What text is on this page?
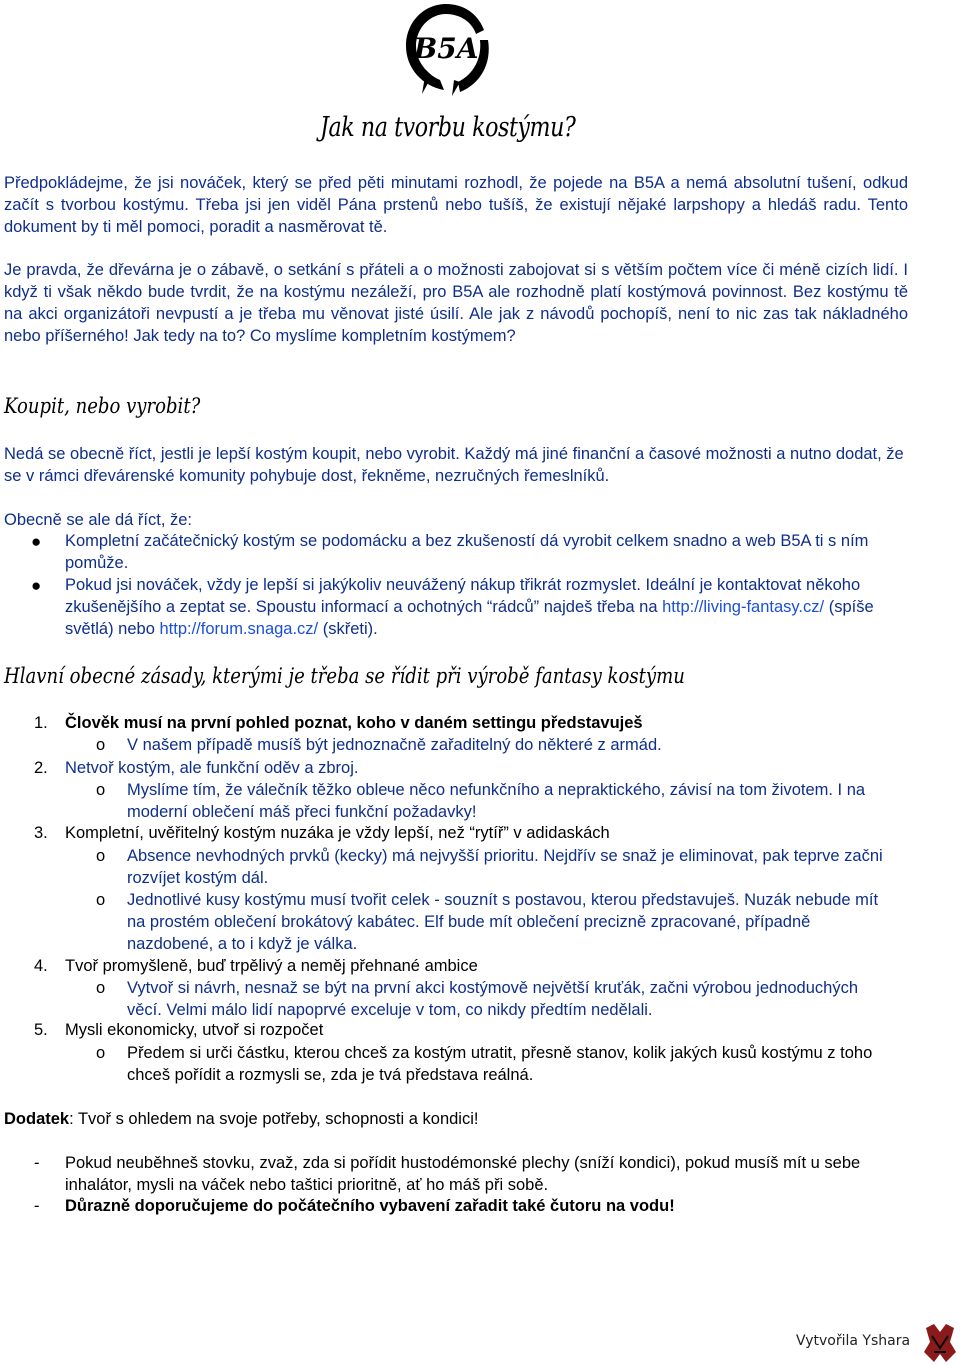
B5A
Jak na tvorbu kostýmu?

Předpokládejme, že jsi nováček, který se před pěti minutami rozhodl, že pojede na B5A a nemá absolutní tušení, odkud začít s tvorbou kostýmu. Třeba jsi jen viděl Pána prstenů nebo tušíš, že existují nějaké larpshopy a hledáš radu. Tento dokument by ti měl pomoci, poradit a nasměrovat tě.

Je pravda, že dřevárna je o zábavě, o setkání s přáteli a o možnosti zabojovat si s větším počtem více či méně cizích lidí. I když ti však někdo bude tvrdit, že na kostýmu nezáleží, pro B5A ale rozhodně platí kostýmová povinnost. Bez kostýmu tě na akci organizátoři nevpustí a je třeba mu věnovat jisté úsilí. Ale jak z návodů pochopíš, není to nic zas tak nákladného nebo příšerného! Jak tedy na to? Co myslíme kompletním kostýmem?

Koupit, nebo vyrobit?

Nedá se obecně říct, jestli je lepší kostým koupit, nebo vyrobit. Každý má jiné finanční a časové možnosti a nutno dodat, že se v rámci dřevárenské komunity pohybuje dost, řekněme, nezručných řemeslníků.

Obecně se ale dá říct, že:

●	Kompletní začátečnický kostým se podomácku a bez zkušeností dá vyrobit celkem snadno a web B5A ti s ním pomůže.

●	Pokud jsi nováček, vždy je lepší si jakýkoliv neuvážený nákup třikrát rozmyslet. Ideální je kontaktovat někoho zkušenějšího a zeptat se. Spoustu informací a ochotných “rádců” najdeš třeba na http://living-fantasy.cz/ (spíše světlá) nebo http://forum.snaga.cz/ (skřeti).

Hlavní obecné zásady, kterými je třeba se řídit při výrobě fantasy kostýmu
1.	Člověk musí na první pohled poznat, koho v daném settingu představuješ

o	V našem případě musíš být jednoznačně zařaditelný do některé z armád.

2.	Netvoř kostým, ale funkční oděv a zbroj.

o	Myslíme tím, že válečník těžko oblече něco nefunkčního a nepraktického, závisí na tom životem. I na moderní oblečení máš přeci funkční požadavky!

3.	Kompletní, uvěřitelný kostým nuzáka je vždy lepší, než “rytíř” v adidaskách

o	Absence nevhodných prvků (kecky) má nejvyšší prioritu. Nejdřív se snaž je eliminovat, pak teprve začni rozvíjet kostým dál.

o	Jednotlivé kusy kostýmu musí tvořit celek - souznít s postavou, kterou představuješ. Nuzák nebude mít na prostém oblečení brokátový kabátec. Elf bude mít oblečení precizně zpracované, případně nazdobené, a to i když je válka.

4.	Tvoř promyšleně, buď trpělivý a neměj přehnané ambice

o	Vytvoř si návrh, nesnaž se být na první akci kostýmově největší kruťák, začni výrobou jednoduchých věcí. Velmi málo lidí napoprvé exceluje v tom, co nikdy předtím nedělali.

5.	Mysli ekonomicky, utvoř si rozpočet

o	Předem si urči částku, kterou chceš za kostým utratit, přesně stanov, kolik jakých kusů kostýmu z toho chceš pořídit a rozmysli se, zda je tvá představa reálná.

Dodatek: Tvoř s ohledem na svoje potřeby, schopnosti a kondici!

-	Pokud neuběhneš stovku, zvaž, zda si pořídit hustodémonské plechy (sníží kondici), pokud musíš mít u sebe inhalátor, mysli na váček nebo taštici prioritně, ať ho máš při sobě.

-	Důrazně doporučujeme do počátečního vybavení zařadit také čutoru na vodu!

Vytvořila Yshara
